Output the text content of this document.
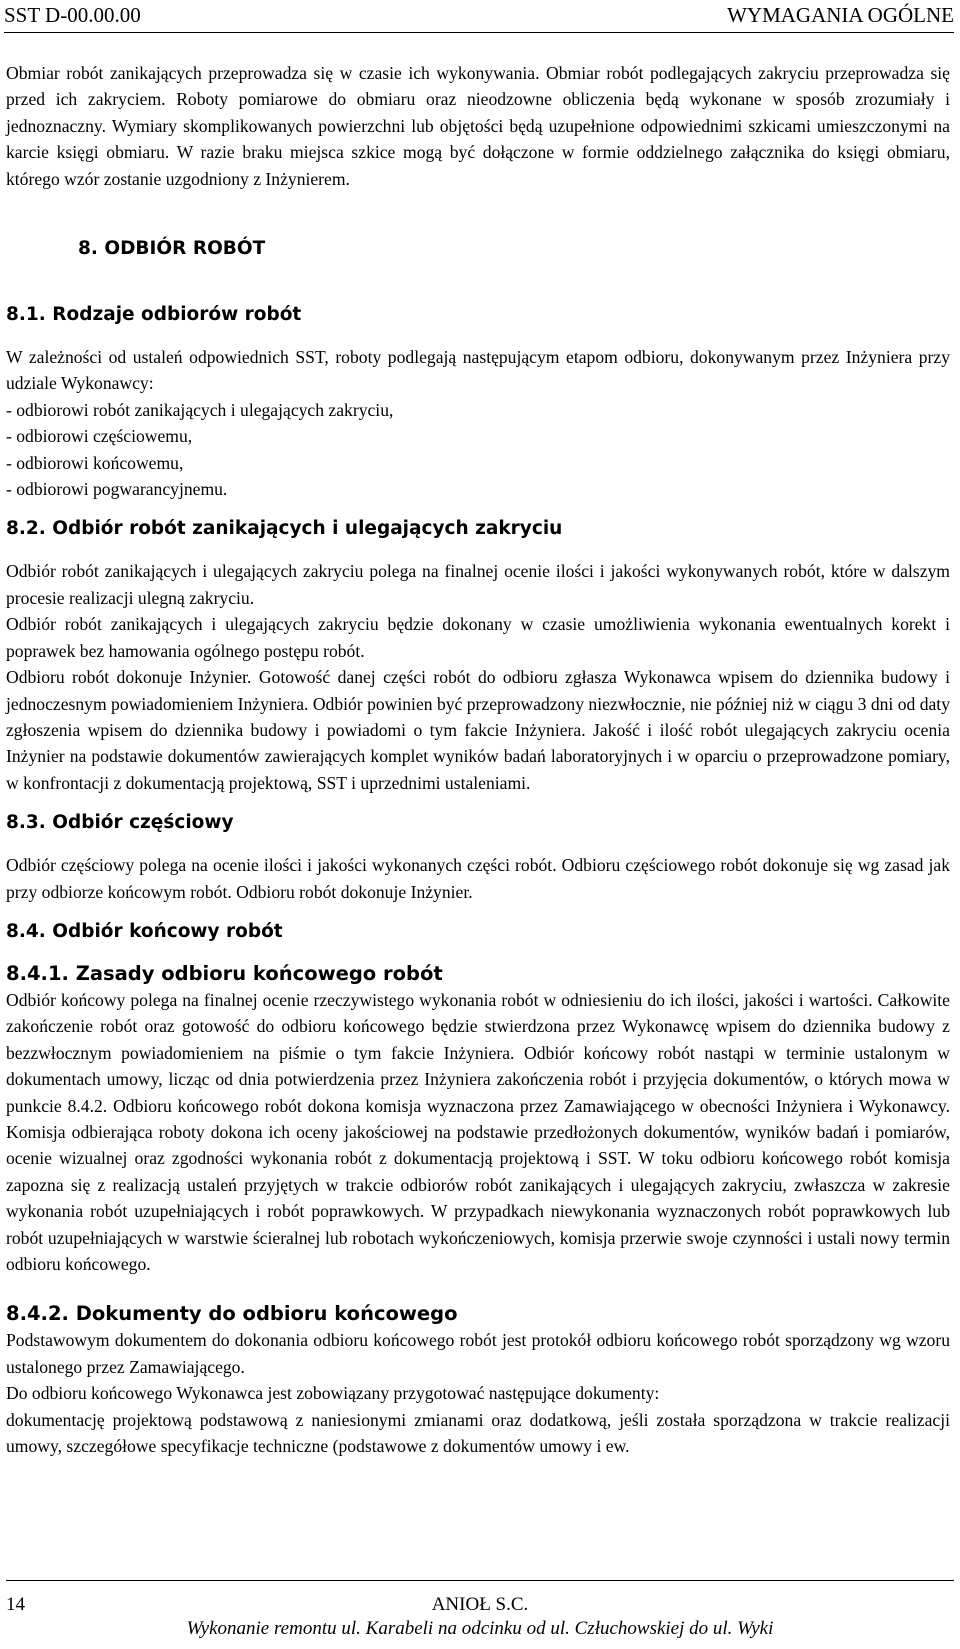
SST D-00.00.00	WYMAGANIA OGÓLNE

Obmiar robót zanikających przeprowadza się w czasie ich wykonywania. Obmiar robót podlegających zakryciu przeprowadza się przed ich zakryciem. Roboty pomiarowe do obmiaru oraz nieodzowne obliczenia będą wykonane w sposób zrozumiały i jednoznaczny. Wymiary skomplikowanych powierzchni lub objętości będą uzupełnione odpowiednimi szkicami umieszczonymi na karcie księgi obmiaru. W razie braku miejsca szkice mogą być dołączone w formie oddzielnego załącznika do księgi obmiaru, którego wzór zostanie uzgodniony z Inżynierem.

8. ODBIÓR ROBÓT
8.1. Rodzaje odbiorów robót

W zależności od ustaleń odpowiednich SST, roboty podlegają następującym etapom odbioru, dokonywanym przez Inżyniera przy udziale Wykonawcy:

- odbiorowi robót zanikających i ulegających zakryciu,
- odbiorowi częściowemu,
- odbiorowi końcowemu,
- odbiorowi pogwarancyjnemu.
8.2. Odbiór robót zanikających i ulegających zakryciu

Odbiór robót zanikających i ulegających zakryciu polega na finalnej ocenie ilości i jakości wykonywanych robót, które w dalszym procesie realizacji ulegną zakryciu.

Odbiór robót zanikających i ulegających zakryciu będzie dokonany w czasie umożliwienia wykonania ewentualnych korekt i poprawek bez hamowania ogólnego postępu robót.

Odbioru robót dokonuje Inżynier. Gotowość danej części robót do odbioru zgłasza Wykonawca wpisem do dziennika budowy i jednoczesnym powiadomieniem Inżyniera. Odbiór powinien być przeprowadzony niezwłocznie, nie później niż w ciągu 3 dni od daty zgłoszenia wpisem do dziennika budowy i powiadomi o tym fakcie Inżyniera. Jakość i ilość robót ulegających zakryciu ocenia Inżynier na podstawie dokumentów zawierających komplet wyników badań laboratoryjnych i w oparciu o przeprowadzone pomiary, w konfrontacji z dokumentacją projektową, SST i uprzednimi ustaleniami.

8.3. Odbiór częściowy

Odbiór częściowy polega na ocenie ilości i jakości wykonanych części robót. Odbioru częściowego robót dokonuje się wg zasad jak przy odbiorze końcowym robót. Odbioru robót dokonuje Inżynier.

8.4. Odbiór końcowy robót
8.4.1. Zasady odbioru końcowego robót

Odbiór końcowy polega na finalnej ocenie rzeczywistego wykonania robót w odniesieniu do ich ilości, jakości i wartości. Całkowite zakończenie robót oraz gotowość do odbioru końcowego będzie stwierdzona przez Wykonawcę wpisem do dziennika budowy z bezzwłocznym powiadomieniem na piśmie o tym fakcie Inżyniera. Odbiór końcowy robót nastąpi w terminie ustalonym w dokumentach umowy, licząc od dnia potwierdzenia przez Inżyniera zakończenia robót i przyjęcia dokumentów, o których mowa w punkcie 8.4.2. Odbioru końcowego robót dokona komisja wyznaczona przez Zamawiającego w obecności Inżyniera i Wykonawcy. Komisja odbierająca roboty dokona ich oceny jakościowej na podstawie przedłożonych dokumentów, wyników badań i pomiarów, ocenie wizualnej oraz zgodności wykonania robót z dokumentacją projektową i SST. W toku odbioru końcowego robót komisja zapozna się z realizacją ustaleń przyjętych w trakcie odbiorów robót zanikających i ulegających zakryciu, zwłaszcza w zakresie wykonania robót uzupełniających i robót poprawkowych. W przypadkach niewykonania wyznaczonych robót poprawkowych lub robót uzupełniających w warstwie ścieralnej lub robotach wykończeniowych, komisja przerwie swoje czynności i ustali nowy termin odbioru końcowego.

8.4.2. Dokumenty do odbioru końcowego

Podstawowym dokumentem do dokonania odbioru końcowego robót jest protokół odbioru końcowego robót sporządzony wg wzoru ustalonego przez Zamawiającego.

Do odbioru końcowego Wykonawca jest zobowiązany przygotować następujące dokumenty:

dokumentację projektową podstawową z naniesionymi zmianami oraz dodatkową, jeśli została sporządzona w trakcie realizacji umowy, szczegółowe specyfikacje techniczne (podstawowe z dokumentów umowy i ew.

14	ANIOŁ S.C.
Wykonanie remontu ul. Karabeli na odcinku od ul. Człuchowskiej do ul. Wyki
